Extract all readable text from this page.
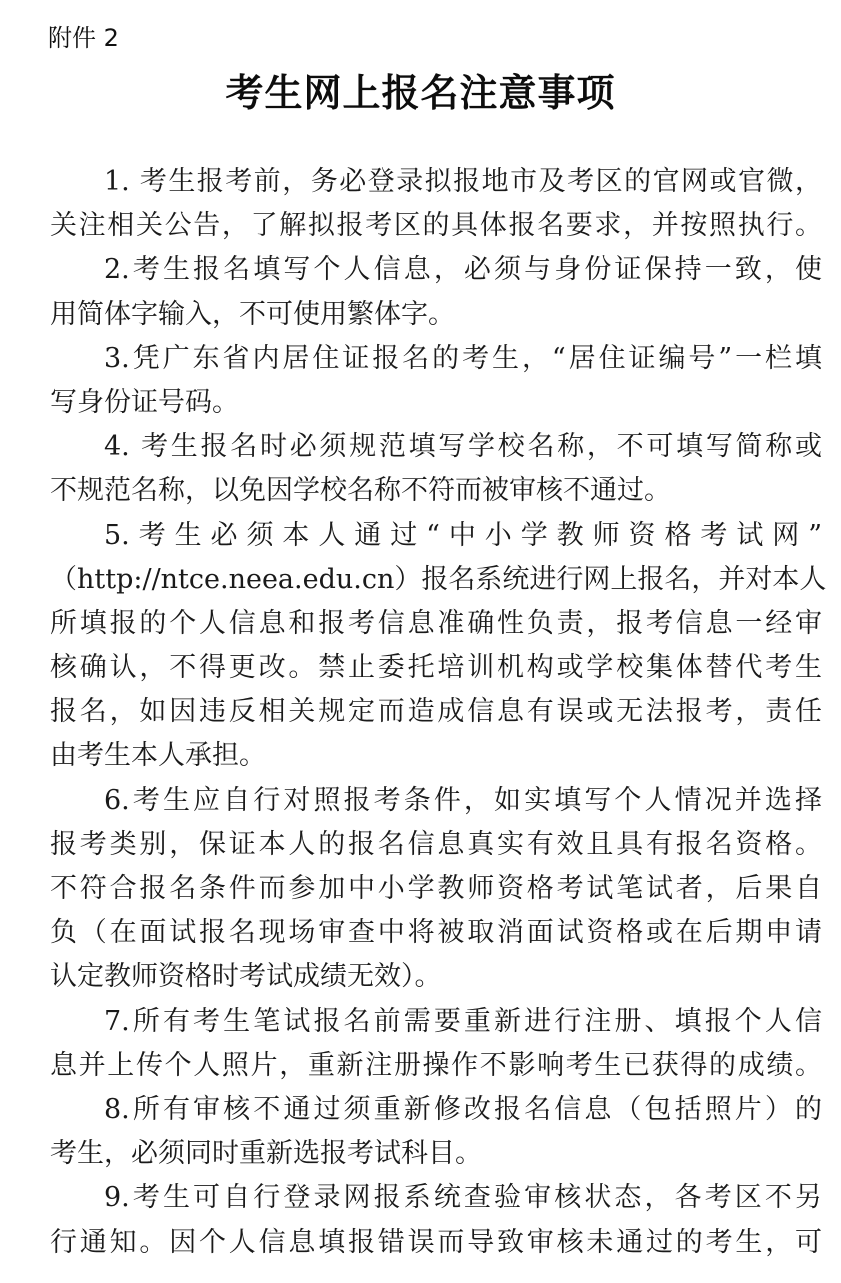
附件 2
考生网上报名注意事项
1. 考生报考前，务必登录拟报地市及考区的官网或官微，
关注相关公告，了解拟报考区的具体报名要求，并按照执行。
2.考生报名填写个人信息，必须与身份证保持一致，使
用简体字输入，不可使用繁体字。
3.凭广东省内居住证报名的考生，“居住证编号”一栏填
写身份证号码。
4. 考生报名时必须规范填写学校名称，不可填写简称或
不规范名称，以免因学校名称不符而被审核不通过。
5.考生必须本人通过“中小学教师资格考试网”
（http://ntce.neea.edu.cn）报名系统进行网上报名，并对本人
所填报的个人信息和报考信息准确性负责，报考信息一经审
核确认，不得更改。禁止委托培训机构或学校集体替代考生
报名，如因违反相关规定而造成信息有误或无法报考，责任
由考生本人承担。
6.考生应自行对照报考条件，如实填写个人情况并选择
报考类别，保证本人的报名信息真实有效且具有报名资格。
不符合报名条件而参加中小学教师资格考试笔试者，后果自
负（在面试报名现场审查中将被取消面试资格或在后期申请
认定教师资格时考试成绩无效）。
7.所有考生笔试报名前需要重新进行注册、填报个人信
息并上传个人照片，重新注册操作不影响考生已获得的成绩。
8.所有审核不通过须重新修改报名信息（包括照片）的
考生，必须同时重新选报考试科目。
9.考生可自行登录网报系统查验审核状态，各考区不另
行通知。因个人信息填报错误而导致审核未通过的考生，可
